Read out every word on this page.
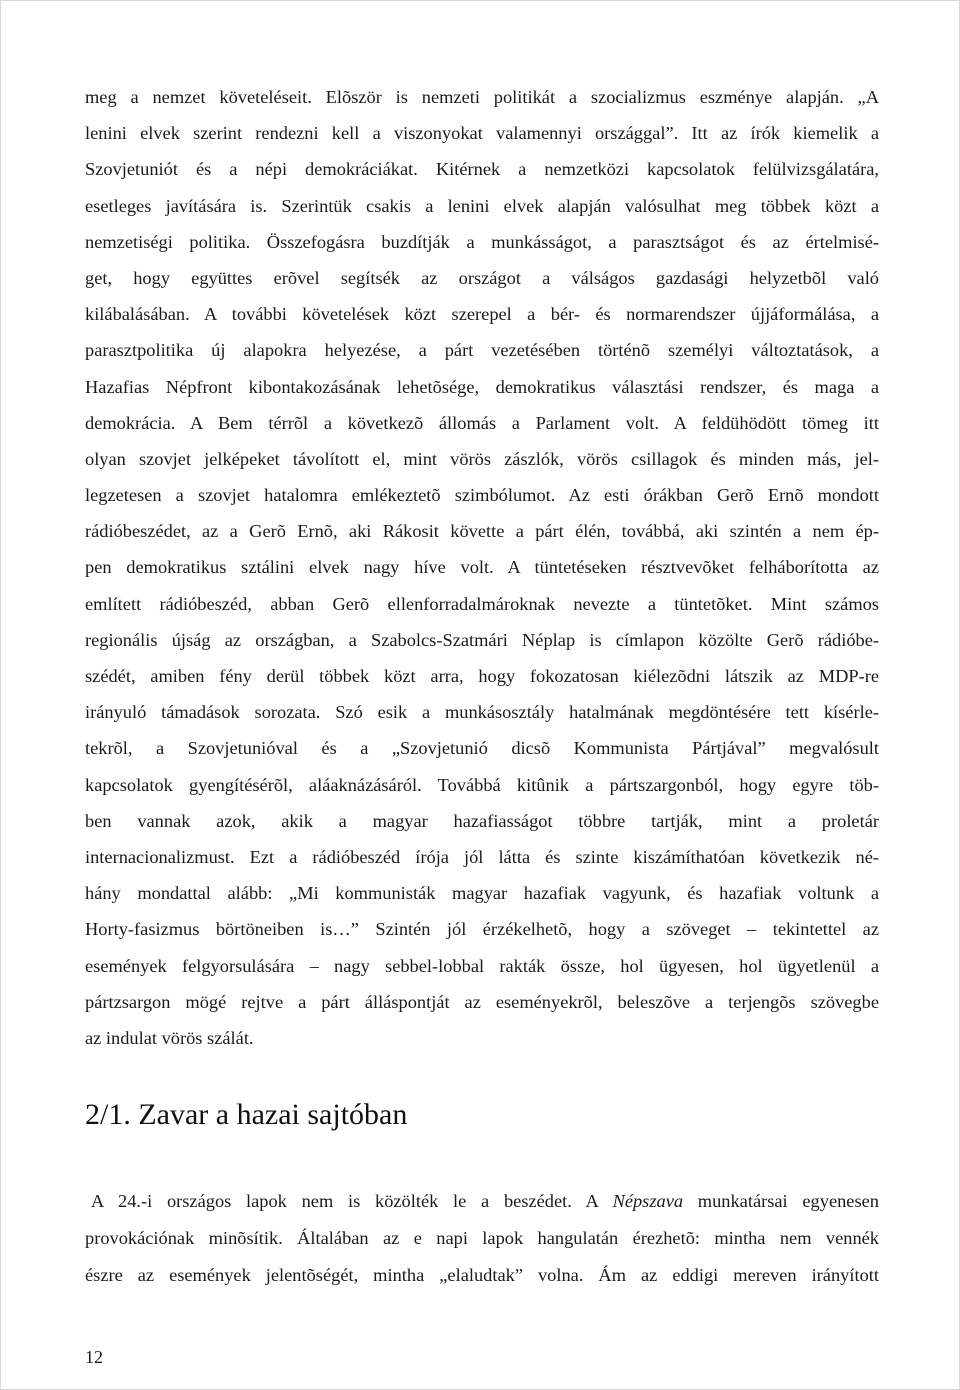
meg a nemzet követeléseit. Elõször is nemzeti politikát a szocializmus eszménye alapján. „A
lenini elvek szerint rendezni kell a viszonyokat valamennyi országgal”. Itt az írók kiemelik a
Szovjetuniót és a népi demokráciákat. Kitérnek a nemzetközi kapcsolatok felülvizsgálatára,
esetleges javítására is. Szerintük csakis a lenini elvek alapján valósulhat meg többek közt a
nemzetiségi politika. Összefogásra buzdítják a munkásságot, a parasztságot és az értelmisé-
get, hogy együttes erõvel segítsék az országot a válságos gazdasági helyzetbõl való
kilábalásában. A további követelések közt szerepel a bér- és normarendszer újjáformálása, a
parasztpolitika új alapokra helyezése, a párt vezetésében történõ személyi változtatások, a
Hazafias Népfront kibontakozásának lehetõsége, demokratikus választási rendszer, és maga a
demokrácia. A Bem térrõl a következõ állomás a Parlament volt. A feldühödött tömeg itt
olyan szovjet jelképeket távolított el, mint vörös zászlók, vörös csillagok és minden más, jel-
legzetesen a szovjet hatalomra emlékeztetõ szimbólumot. Az esti órákban Gerõ Ernõ mondott
rádióbeszédet, az a Gerõ Ernõ, aki Rákosit követte a párt élén, továbbá, aki szintén a nem ép-
pen demokratikus sztálini elvek nagy híve volt. A tüntetéseken résztvevõket felháborította az
említett rádióbeszéd, abban Gerõ ellenforradalmároknak nevezte a tüntetõket. Mint számos
regionális újság az országban, a Szabolcs-Szatmári Néplap is címlapon közölte Gerõ rádióbe-
szédét, amiben fény derül többek közt arra, hogy fokozatosan kiélezõdni látszik az MDP-re
irányuló támadások sorozata. Szó esik a munkásosztály hatalmának megdöntésére tett kísérle-
tekrõl, a Szovjetunióval és a „Szovjetunió dicsõ Kommunista Pártjával” megvalósult
kapcsolatok gyengítésérõl, aláaknázásáról. Továbbá kitûnik a pártszargonból, hogy egyre töb-
ben vannak azok, akik a magyar hazafiasságot többre tartják, mint a proletár
internacionalizmust. Ezt a rádióbeszéd írója jól látta és szinte kiszámíthatóan következik né-
hány mondattal alább: „Mi kommunisták magyar hazafiak vagyunk, és hazafiak voltunk a
Horty-fasizmus börtöneiben is…” Szintén jól érzékelhetõ, hogy a szöveget – tekintettel az
események felgyorsulására – nagy sebbel-lobbal rakták össze, hol ügyesen, hol ügyetlenül a
pártzsargon mögé rejtve a párt álláspontját az eseményekrõl, beleszõve a terjengõs szövegbe
az indulat vörös szálát.
2/1. Zavar a hazai sajtóban
A 24.-i országos lapok nem is közölték le a beszédet. A Népszava munkatársai egyenesen
provokációnak minõsítik. Általában az e napi lapok hangulatán érezhetõ: mintha nem vennék
észre az események jelentõségét, mintha „elaludtak” volna. Ám az eddigi mereven irányított
12
